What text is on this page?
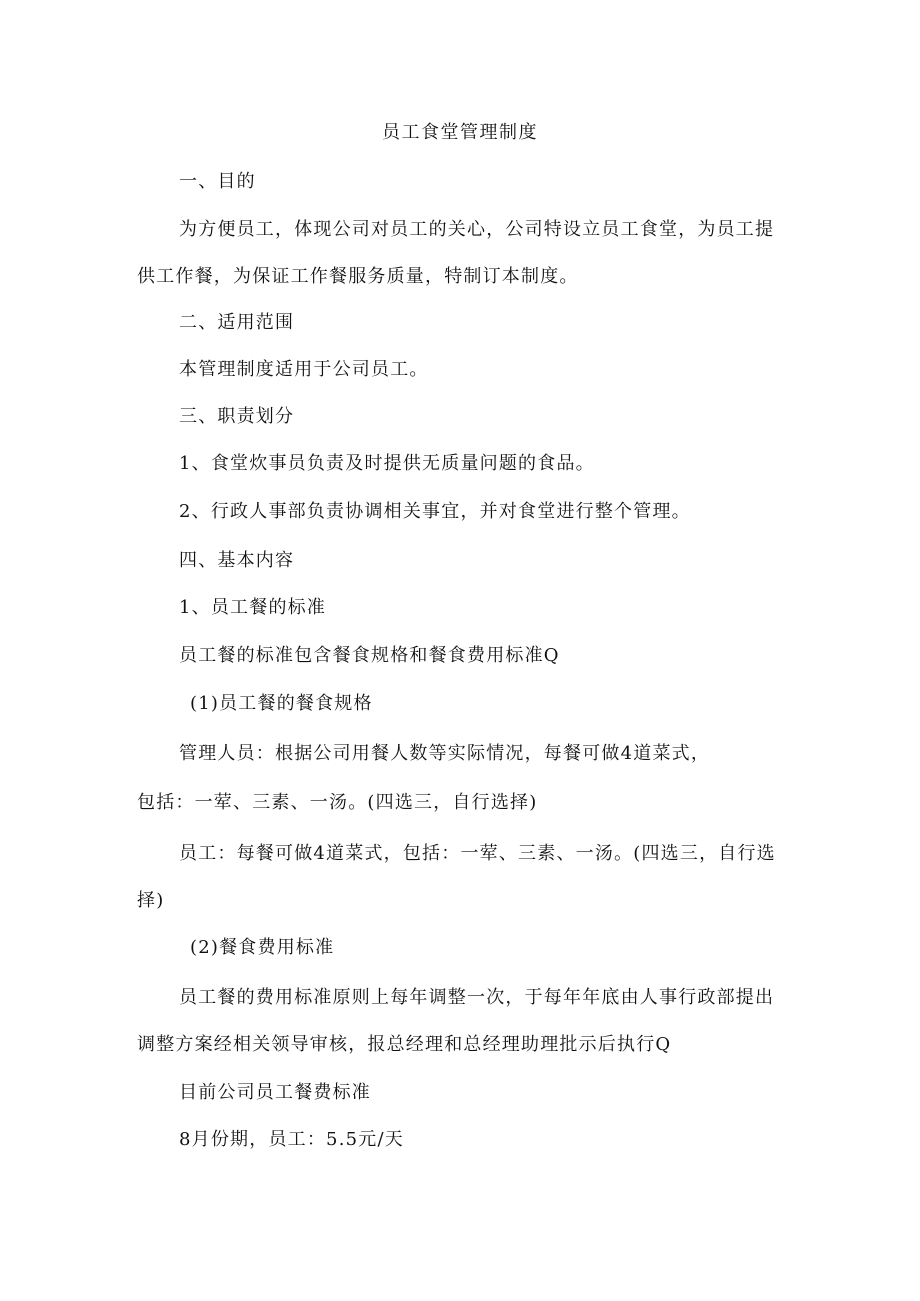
员工食堂管理制度
一、目的
为方便员工，体现公司对员工的关心，公司特设立员工食堂，为员工提供工作餐，为保证工作餐服务质量，特制订本制度。
二、适用范围
本管理制度适用于公司员工。
三、职责划分
1、食堂炊事员负责及时提供无质量问题的食品。
2、行政人事部负责协调相关事宜，并对食堂进行整个管理。
四、基本内容
1、员工餐的标准
员工餐的标准包含餐食规格和餐食费用标准Q
(1)员工餐的餐食规格
管理人员：根据公司用餐人数等实际情况，每餐可做4道菜式，
包括：一荤、三素、一汤。(四选三，自行选择)
员工：每餐可做4道菜式，包括：一荤、三素、一汤。(四选三，自行选择)
(2)餐食费用标准
员工餐的费用标准原则上每年调整一次，于每年年底由人事行政部提出调整方案经相关领导审核，报总经理和总经理助理批示后执行Q
目前公司员工餐费标准
8月份期，员工：5.5元/天
